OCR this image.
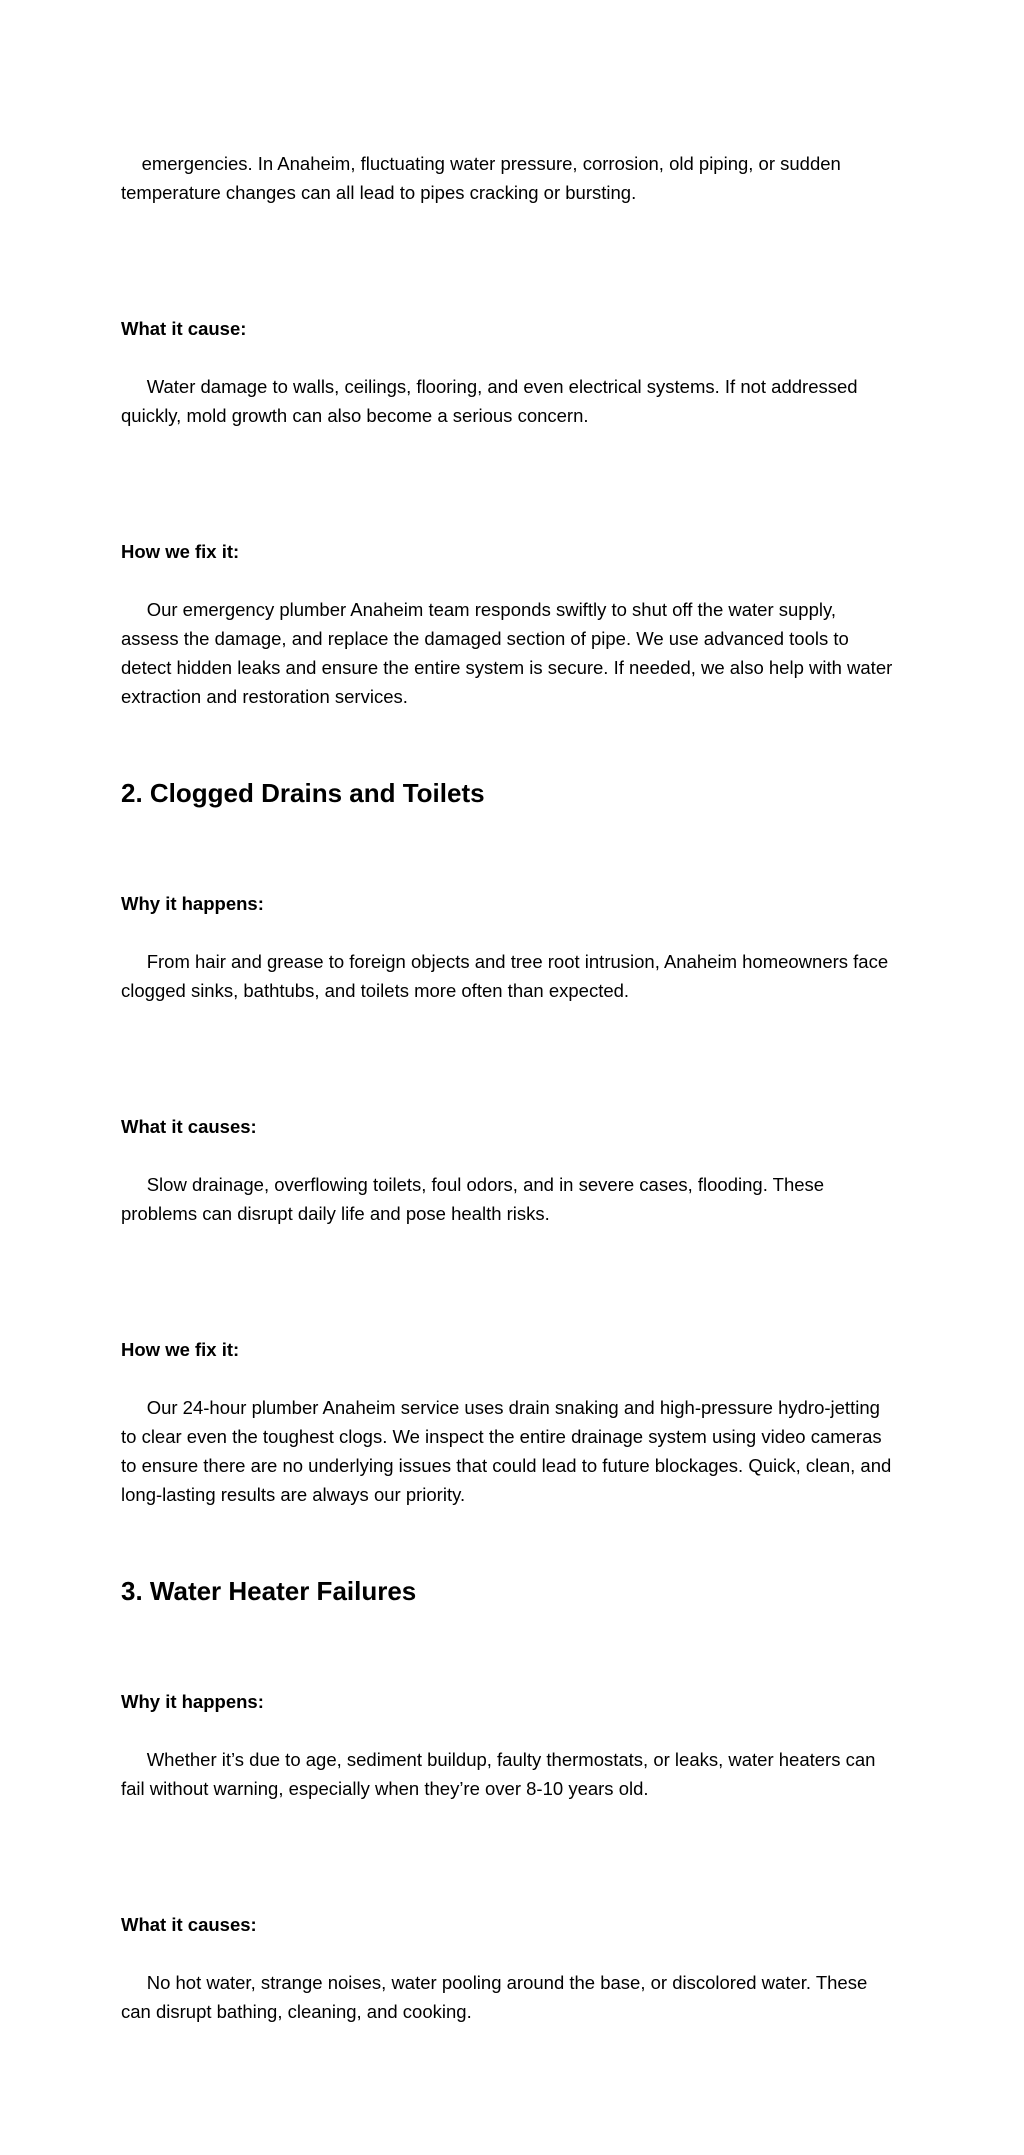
emergencies. In Anaheim, fluctuating water pressure, corrosion, old piping, or sudden temperature changes can all lead to pipes cracking or bursting.

What it cause:

Water damage to walls, ceilings, flooring, and even electrical systems. If not addressed quickly, mold growth can also become a serious concern.

How we fix it:

Our emergency plumber Anaheim team responds swiftly to shut off the water supply, assess the damage, and replace the damaged section of pipe. We use advanced tools to detect hidden leaks and ensure the entire system is secure. If needed, we also help with water extraction and restoration services.

2. Clogged Drains and Toilets

Why it happens:

From hair and grease to foreign objects and tree root intrusion, Anaheim homeowners face clogged sinks, bathtubs, and toilets more often than expected.

What it causes:

Slow drainage, overflowing toilets, foul odors, and in severe cases, flooding. These problems can disrupt daily life and pose health risks.

How we fix it:

Our 24-hour plumber Anaheim service uses drain snaking and high-pressure hydro-jetting to clear even the toughest clogs. We inspect the entire drainage system using video cameras to ensure there are no underlying issues that could lead to future blockages. Quick, clean, and long-lasting results are always our priority.

3. Water Heater Failures

Why it happens:

Whether it’s due to age, sediment buildup, faulty thermostats, or leaks, water heaters can fail without warning, especially when they’re over 8-10 years old.

What it causes:

No hot water, strange noises, water pooling around the base, or discolored water. These can disrupt bathing, cleaning, and cooking.
